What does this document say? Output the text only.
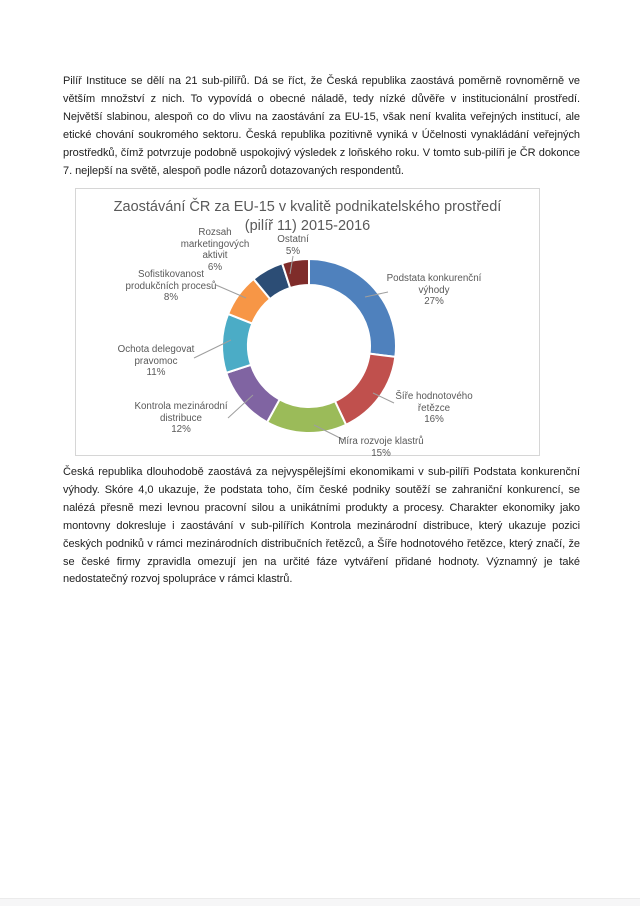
Pilíř Instituce se dělí na 21 sub-pilířů. Dá se říct, že Česká republika zaostává poměrně rovnoměrně ve větším množství z nich. To vypovídá o obecné náladě, tedy nízké důvěře v institucionální prostředí. Největší slabinou, alespoň co do vlivu na zaostávání za EU-15, však není kvalita veřejných institucí, ale etické chování soukromého sektoru. Česká republika pozitivně vyniká v Účelnosti vynakládání veřejných prostředků, čímž potvrzuje podobně uspokojivý výsledek z loňského roku. V tomto sub-pilíři je ČR dokonce 7. nejlepší na světě, alespoň podle názorů dotazovaných respondentů.

Zaostávání ČR za EU-15 v kvalitě podnikatelského prostředí
(pilíř 11) 2015-2016
Podstata konkurenční výhody
27%
Šíře hodnotového řetězce
16%
Míra rozvoje klastrů
15%
Kontrola mezinárodní distribuce
12%
Ochota delegovat pravomoc
11%
Sofistikovanost produkčních procesů
8%
Rozsah marketingových aktivit
6%
Ostatní
5%

Česká republika dlouhodobě zaostává za nejvyspělejšími ekonomikami v sub-pilíři Podstata konkurenční výhody. Skóre 4,0 ukazuje, že podstata toho, čím české podniky soutěží se zahraniční konkurencí, se nalézá přesně mezi levnou pracovní silou a unikátními produkty a procesy. Charakter ekonomiky jako montovny dokresluje i zaostávání v sub-pilířích Kontrola mezinárodní distribuce, který ukazuje pozici českých podniků v rámci mezinárodních distribučních řetězců, a Šíře hodnotového řetězce, který značí, že se české firmy zpravidla omezují jen na určité fáze vytváření přidané hodnoty. Významný je také nedostatečný rozvoj spolupráce v rámci klastrů.
